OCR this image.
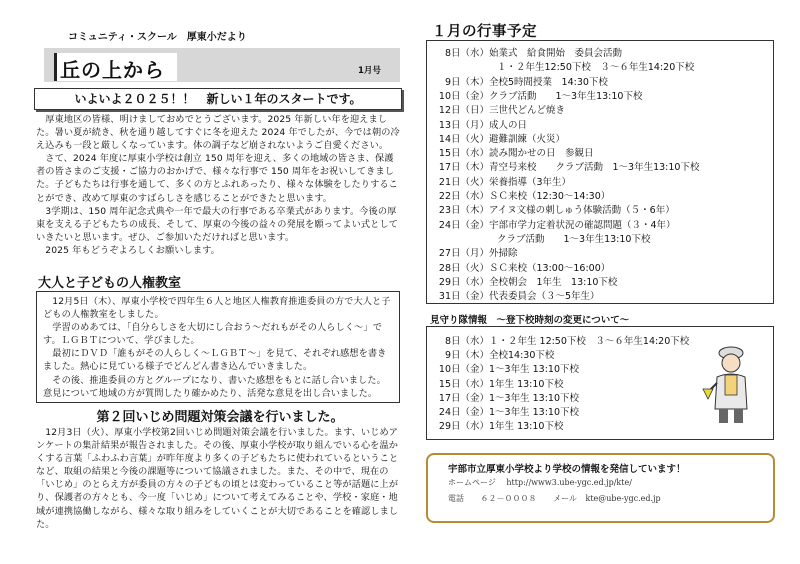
コミュニティ・スクール　厚東小だより
丘の上から	1月号
いよいよ２０２５！！　新しい１年のスタートです。
　厚東地区の皆様、明けましておめでとうございます。2025 年新しい年を迎えました。暑い夏が続き、秋を通り越してすぐに冬を迎えた 2024 年でしたが、今では朝の冷え込みも一段と厳しくなっています。体の調子など崩されないようご自愛ください。
　さて、2024 年度に厚東小学校は創立 150 周年を迎え、多くの地域の皆さま、保護者の皆さまのご支援・ご協力のおかげで、様々な行事で 150 周年をお祝いしてきました。子どもたちは行事を通して、多くの方とふれあったり、様々な体験をしたりすることができ、改めて厚東のすばらしさを感じることができたと思います。
　3学期は、150 周年記念式典や一年で最大の行事である卒業式があります。今後の厚東を支える子どもたちの成長、そして、厚東の今後の益々の発展を願ってよい式としていきたいと思います。ぜひ、ご参加いただければと思います。
　2025 年もどうぞよろしくお願いします。
大人と子どもの人権教室
　12月5日（木）、厚東小学校で四年生６人と地区人権教育推進委員の方で大人と子どもの人権教室をしました。
　学習のめあては、「自分らしさを大切にし合おう～だれもがその人らしく～」です。ＬＧＢＴについて、学びました。
　最初にＤＶＤ「誰もがその人らしく～ＬＧＢＴ～」を見て、それぞれ感想を書きました。熱心に見ている様子でどんどん書き込んでいきました。
　その後、推進委員の方とグループになり、書いた感想をもとに話し合いました。意見について地域の方が質問したり確かめたり、活発な意見を出し合いました。
第２回いじめ問題対策会議を行いました。
　12月3日（火）、厚東小学校第2回いじめ問題対策会議を行いました。ます、いじめアンケートの集計結果が報告されました。その後、厚東小学校が取り組んでいる心を温かくする言葉「ふわふわ言葉」が昨年度より多くの子どもたちに使われているということなど、取組の結果と今後の課題等について協議されました。また、その中で、現在の「いじめ」のとらえ方が委員の方々の子どもの頃とは変わっていること等が話題に上がり、保護者の方々とも、今一度「いじめ」について考えてみることや、学校・家庭・地域が連携協働しながら、様々な取り組みをしていくことが大切であることを確認しました。
１月の行事予定
8日（水）始業式　給食開始　委員会活動
１・２年生12:50下校　３～６年生14:20下校
9日（木）全校5時間授業　14:30下校
10日（金）クラブ活動　　1～3年生13:10下校
12日（日）三世代どんど焼き
13日（月）成人の日
14日（火）避難訓練（火災）
15日（水）読み聞かせの日　参観日
17日（木）青空号来校　　クラブ活動　1～3年生13:10下校
21日（火）栄養指導（3年生）
22日（水）ＳＣ来校（12:30～14:30）
23日（木）アイヌ文様の刺しゅう体験活動（５・6年）
24日（金）宇部市学力定着状況の確認問題（３・4年）
クラブ活動　　1～3年生13:10下校
27日（月）外掃除
28日（火）ＳＣ来校（13:00～16:00）
29日（水）全校朝会　1年生　13:10下校
31日（金）代表委員会（３～5年生）
見守り隊情報　～登下校時刻の変更について～
8日（水）１・２年生 12:50下校　３～６年生14:20下校
9日（木）全校14:30下校
10日（金）1～3年生 13:10下校
15日（水）1年生 13:10下校
17日（金）1～3年生 13:10下校
24日（金）1～3年生 13:10下校
29日（水）1年生 13:10下校
宇部市立厚東小学校より学校の情報を発信しています！
ホームページ http://www3.ube-ygc.ed.jp/kte/
電話 ６２－０００８ メール kte@ube-ygc.ed.jp
